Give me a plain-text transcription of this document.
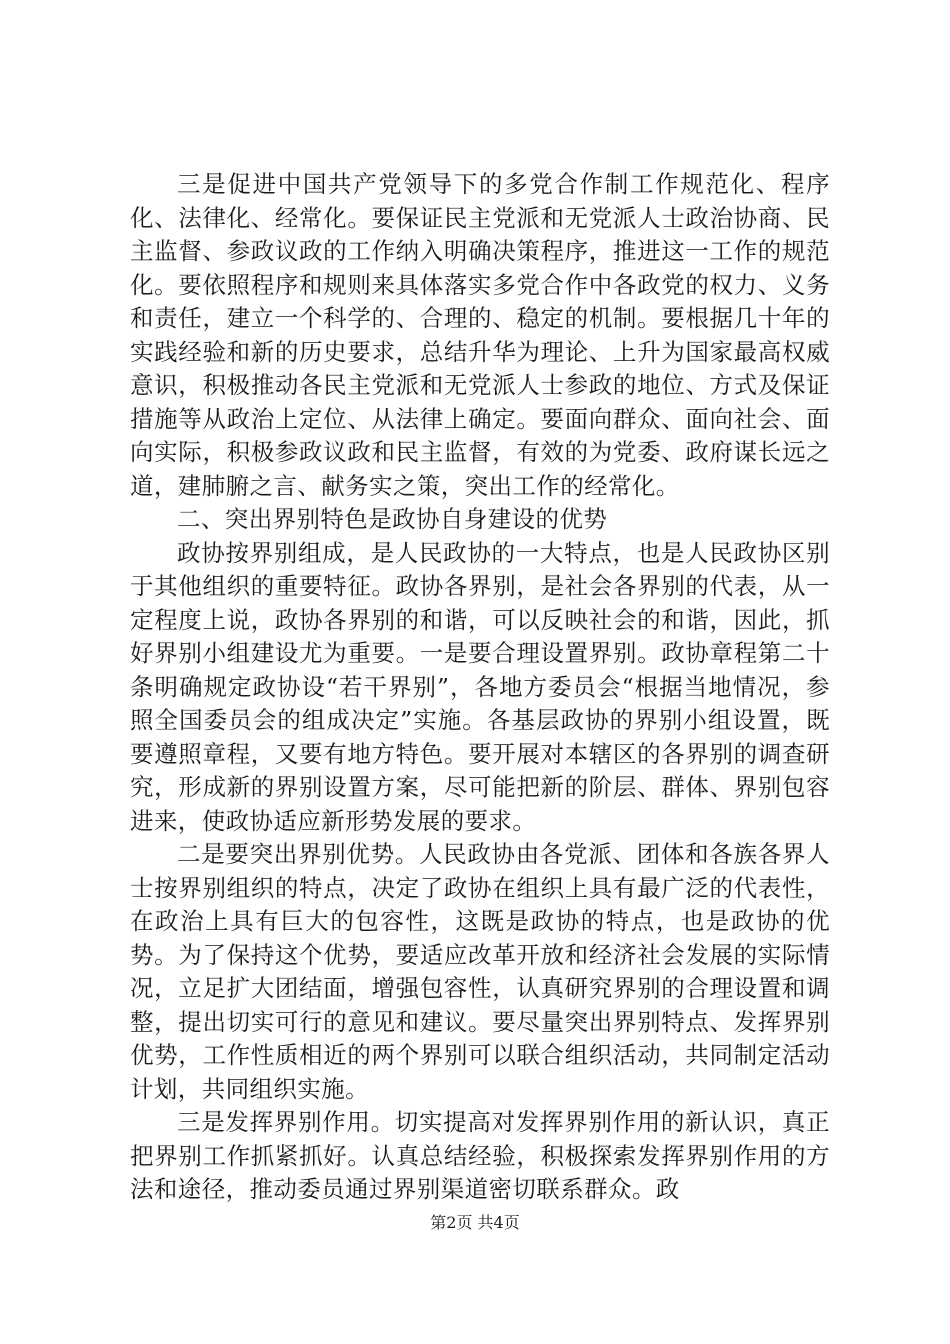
三是促进中国共产党领导下的多党合作制工作规范化、程序化、法律化、经常化。要保证民主党派和无党派人士政治协商、民主监督、参政议政的工作纳入明确决策程序，推进这一工作的规范化。要依照程序和规则来具体落实多党合作中各政党的权力、义务和责任，建立一个科学的、合理的、稳定的机制。要根据几十年的实践经验和新的历史要求，总结升华为理论、上升为国家最高权威意识，积极推动各民主党派和无党派人士参政的地位、方式及保证措施等从政治上定位、从法律上确定。要面向群众、面向社会、面向实际，积极参政议政和民主监督，有效的为党委、政府谋长远之道，建肺腑之言、献务实之策，突出工作的经常化。

二、突出界别特色是政协自身建设的优势

政协按界别组成，是人民政协的一大特点，也是人民政协区别于其他组织的重要特征。政协各界别，是社会各界别的代表，从一定程度上说，政协各界别的和谐，可以反映社会的和谐，因此，抓好界别小组建设尤为重要。一是要合理设置界别。政协章程第二十条明确规定政协设“若干界别”，各地方委员会“根据当地情况，参照全国委员会的组成决定”实施。各基层政协的界别小组设置，既要遵照章程，又要有地方特色。要开展对本辖区的各界别的调查研究，形成新的界别设置方案，尽可能把新的阶层、群体、界别包容进来，使政协适应新形势发展的要求。

二是要突出界别优势。人民政协由各党派、团体和各族各界人士按界别组织的特点，决定了政协在组织上具有最广泛的代表性，在政治上具有巨大的包容性，这既是政协的特点，也是政协的优势。为了保持这个优势，要适应改革开放和经济社会发展的实际情况，立足扩大团结面，增强包容性，认真研究界别的合理设置和调整，提出切实可行的意见和建议。要尽量突出界别特点、发挥界别优势，工作性质相近的两个界别可以联合组织活动，共同制定活动计划，共同组织实施。

三是发挥界别作用。切实提高对发挥界别作用的新认识，真正把界别工作抓紧抓好。认真总结经验，积极探索发挥界别作用的方法和途径，推动委员通过界别渠道密切联系群众。政

第2页 共4页
